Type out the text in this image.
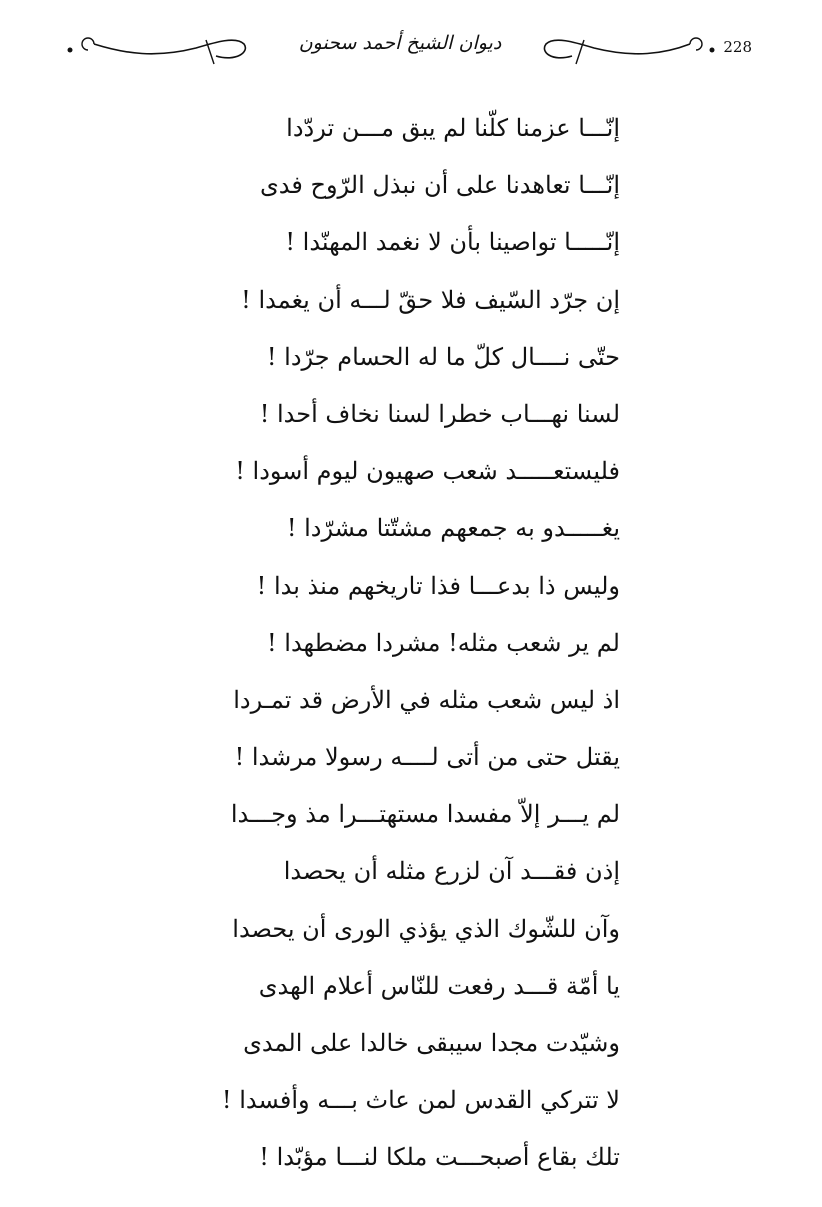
ديوان الشيخ أحمد سحنون	228
إنّـــا عزمنا كلّنا لم يبق مـــن تردّدا
إنّـــا تعاهدنا على أن نبذل الرّوح فدى
إنّـــــا تواصينا بأن لا نغمد المهنّدا !
إن جرّد السّيف فلا حقّ لـــه أن يغمدا !
حتّى نــــال كلّ ما له الحسام جرّدا !
لسنا نهـــاب خطرا لسنا نخاف أحدا !
فليستعـــــد شعب صهيون ليوم أسودا !
يغـــــدو به جمعهم مشتّتا مشرّدا !
وليس ذا بدعـــا فذا تاريخهم منذ بدا !
لم ير شعب مثله! مشردا مضطهدا !
اذ ليس شعب مثله في الأرض قد تمـردا
يقتل حتى من أتى لــــه رسولا مرشدا !
لم يـــر إلاّ مفسدا مستهتـــرا مذ وجـــدا
إذن فقـــد آن لزرع مثله أن يحصدا
وآن للشّوك الذي يؤذي الورى أن يحصدا
يا أمّة قـــد رفعت للنّاس أعلام الهدى
وشيّدت مجدا سيبقى خالدا على المدى
لا تتركي القدس لمن عاث بـــه وأفسدا !
تلك بقاع أصبحـــت ملكا لنـــا مؤبّدا !
